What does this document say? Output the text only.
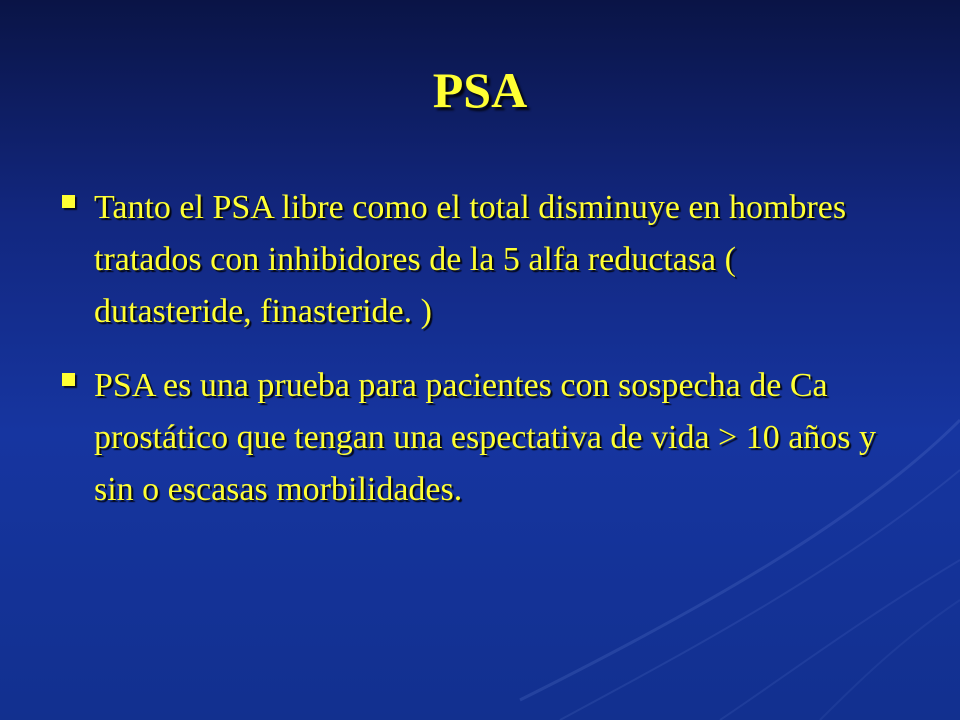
PSA
Tanto el PSA libre como el total disminuye en hombres tratados con inhibidores de la 5 alfa reductasa ( dutasteride, finasteride. )
PSA es una prueba para pacientes con sospecha de Ca prostático que tengan una espectativa de vida > 10 años y sin o escasas morbilidades.
